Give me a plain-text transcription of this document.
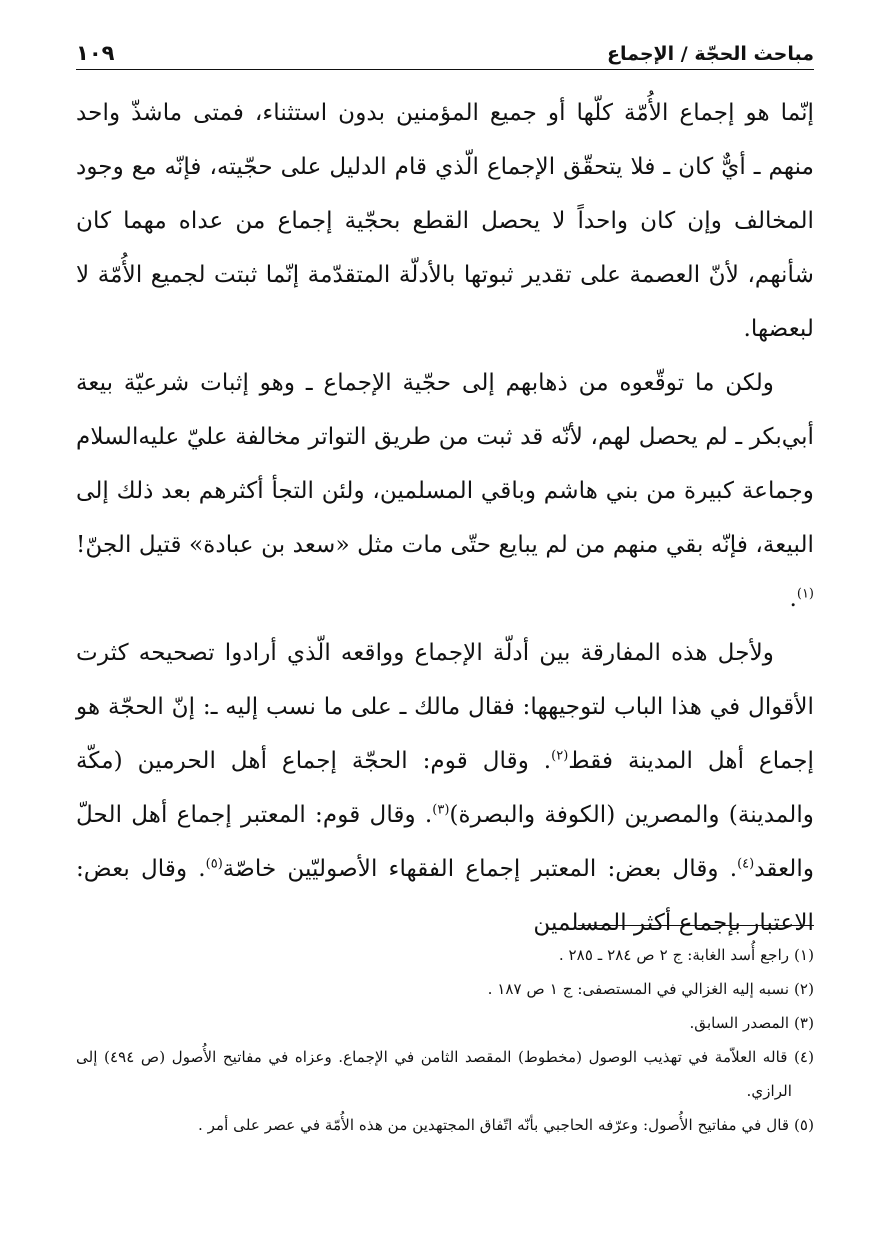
مباحث الحجّة / الإجماع
١٠٩

إنّما هو إجماع الأُمّة كلّها أو جميع المؤمنين بدون استثناء، فمتى ماشذّ واحد منهم ـ أيٌّ كان ـ فلا يتحقّق الإجماع الّذي قام الدليل على حجّيته، فإنّه مع وجود المخالف وإن كان واحداً لا يحصل القطع بحجّية إجماع من عداه مهما كان شأنهم، لأنّ العصمة على تقدير ثبوتها بالأدلّة المتقدّمة إنّما ثبتت لجميع الأُمّة لا لبعضها.

ولكن ما توقّعوه من ذهابهم إلى حجّية الإجماع ـ وهو إثبات شرعيّة بيعة أبي‌بكر ـ لم يحصل لهم، لأنّه قد ثبت من طريق التواتر مخالفة عليّ عليه‌السلام وجماعة كبيرة من بني هاشم وباقي المسلمين، ولئن التجأ أكثرهم بعد ذلك إلى البيعة، فإنّه بقي منهم من لم يبايع حتّى مات مثل «سعد بن عبادة» قتيل الجنّ!$^{(١)}$.

ولأجل هذه المفارقة بين أدلّة الإجماع وواقعه الّذي أرادوا تصحيحه كثرت الأقوال في هذا الباب لتوجيهها: فقال مالك ـ على ما نسب إليه ـ: إنّ الحجّة هو إجماع أهل المدينة فقط$^{(٢)}$. وقال قوم: الحجّة إجماع أهل الحرمين (مكّة والمدينة) والمصرين (الكوفة والبصرة)$^{(٣)}$. وقال قوم: المعتبر إجماع أهل الحلّ والعقد$^{(٤)}$. وقال بعض: المعتبر إجماع الفقهاء الأصوليّين خاصّة$^{(٥)}$. وقال بعض: الاعتبار بإجماع أكثر المسلمين

(١) راجع أُسد الغابة: ج ٢ ص ٢٨٤ ـ ٢٨٥ .

(٢) نسبه إليه الغزالي في المستصفى: ج ١ ص ١٨٧ .

(٣) المصدر السابق.

(٤) قاله العلاّمة في تهذيب الوصول (مخطوط) المقصد الثامن في الإجماع. وعزاه في مفاتيح الأُصول (ص ٤٩٤) إلى الرازي.

(٥) قال في مفاتيح الأُصول: وعرّفه الحاجبي بأنّه اتّفاق المجتهدين من هذه الأُمّة في عصر على أمر .
